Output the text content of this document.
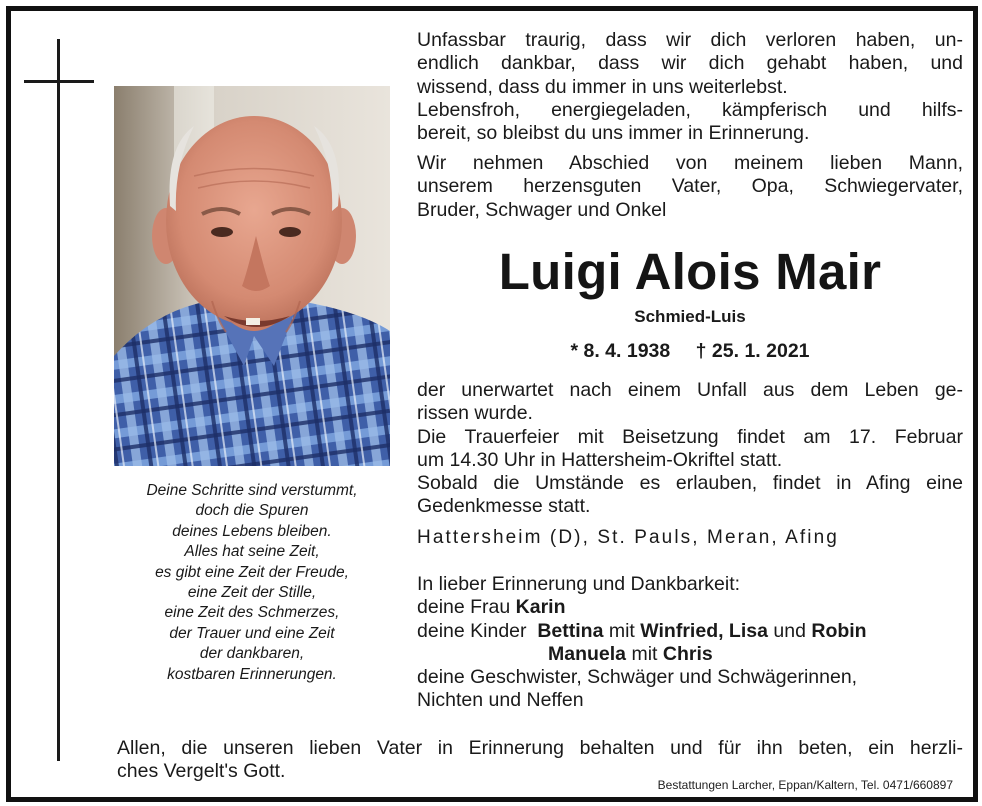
Deine Schritte sind verstummt,
doch die Spuren
deines Lebens bleiben.
Alles hat seine Zeit,
es gibt eine Zeit der Freude,
eine Zeit der Stille,
eine Zeit des Schmerzes,
der Trauer und eine Zeit
der dankbaren,
kostbaren Erinnerungen.
Unfassbar traurig, dass wir dich verloren haben, un-
endlich dankbar, dass wir dich gehabt haben, und
wissend, dass du immer in uns weiterlebst.
Lebensfroh, energiegeladen, kämpferisch und hilfs-
bereit, so bleibst du uns immer in Erinnerung.
Wir nehmen Abschied von meinem lieben Mann,
unserem herzensguten Vater, Opa, Schwiegervater,
Bruder, Schwager und Onkel
Luigi Alois Mair
Schmied-Luis
* 8. 4. 1938 † 25. 1. 2021
der unerwartet nach einem Unfall aus dem Leben ge-
rissen wurde.
Die Trauerfeier mit Beisetzung findet am 17. Februar
um 14.30 Uhr in Hattersheim-Okriftel statt.
Sobald die Umstände es erlauben, findet in Afing eine
Gedenkmesse statt.
Hattersheim (D), St. Pauls, Meran, Afing
In lieber Erinnerung und Dankbarkeit:
deine Frau Karin
deine Kinder Bettina mit Winfried, Lisa und Robin
Manuela mit Chris
deine Geschwister, Schwäger und Schwägerinnen,
Nichten und Neffen
Allen, die unseren lieben Vater in Erinnerung behalten und für ihn beten, ein herzli-
ches Vergelt's Gott.
Bestattungen Larcher, Eppan/Kaltern, Tel. 0471/660897
